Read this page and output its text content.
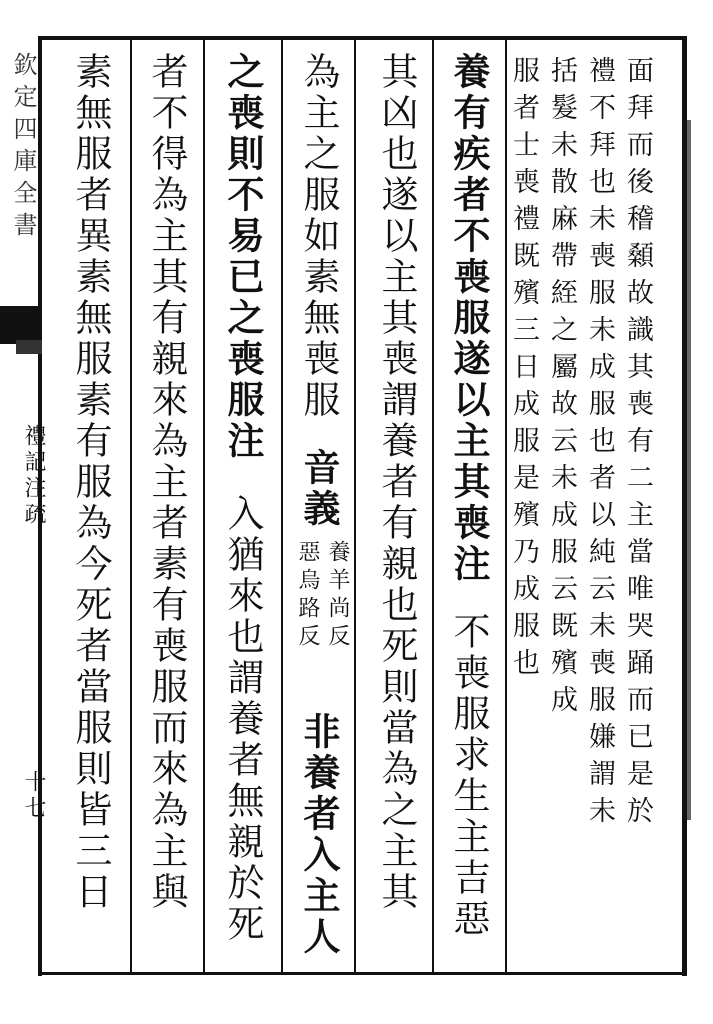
欽定四庫全書
禮記注疏
十七	面拜而後稽顙故識其喪有二主當唯哭踊而已是於
禮不拜也未喪服未成服也者以純云未喪服嫌謂未
括髮未散麻帶絰之屬故云未成服云既殯成
服者士喪禮既殯三日成服是殯乃成服也
養有疾者不喪服遂以主其喪注
不喪服求生主吉惡
其凶也遂以主其喪謂養者有親也死則當為之主其
為主之服如素無喪服
音義
養羊尚反
惡烏路反
非養者入主人
之喪則不易已之喪服注
入猶來也謂養者無親於死
者不得為主其有親來為主者素有喪服而來為主與
素無服者異素無服素有服為今死者當服則皆三日
